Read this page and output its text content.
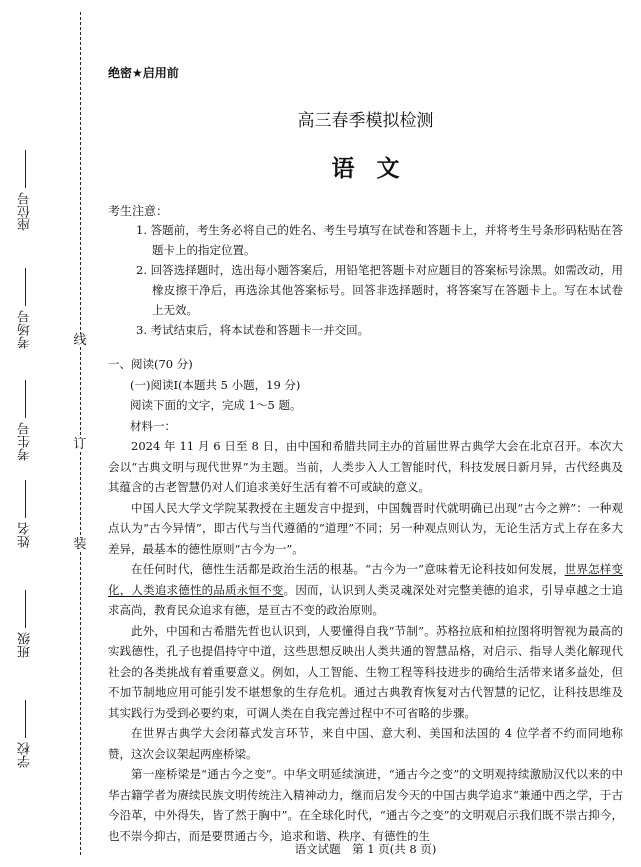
学校
班级
姓名
考生号
考场号
座位号
装
订
线
绝密★启用前
高三春季模拟检测
语文
考生注意：
1. 答题前，考生务必将自己的姓名、考生号填写在试卷和答题卡上，并将考生号条形码粘贴在答题卡上的指定位置。
2. 回答选择题时，选出每小题答案后，用铅笔把答题卡对应题目的答案标号涂黑。如需改动，用橡皮擦干净后，再选涂其他答案标号。回答非选择题时，将答案写在答题卡上。写在本试卷上无效。
3. 考试结束后，将本试卷和答题卡一并交回。

一、阅读(70 分)

(一)阅读Ⅰ(本题共 5 小题，19 分)

阅读下面的文字，完成 1～5 题。

材料一：

2024 年 11 月 6 日至 8 日，由中国和希腊共同主办的首届世界古典学大会在北京召开。本次大会以“古典文明与现代世界”为主题。当前，人类步入人工智能时代，科技发展日新月异，古代经典及其蕴含的古老智慧仍对人们追求美好生活有着不可或缺的意义。

中国人民大学文学院某教授在主题发言中提到，中国魏晋时代就明确已出现“古今之辨”：一种观点认为“古今异情”，即古代与当代遵循的“道理”不同；另一种观点则认为，无论生活方式上存在多大差异，最基本的德性原则“古今为一”。

在任何时代，德性生活都是政治生活的根基。“古今为一”意味着无论科技如何发展，世界怎样变化，人类追求德性的品质永恒不变。因而，认识到人类灵魂深处对完整美德的追求，引导卓越之士追求高尚，教育民众追求有德，是亘古不变的政治原则。

此外，中国和古希腊先哲也认识到，人要懂得自我“节制”。苏格拉底和柏拉图将明智视为最高的实践德性，孔子也提倡持守中道，这些思想反映出人类共通的智慧品格，对启示、指导人类化解现代社会的各类挑战有着重要意义。例如，人工智能、生物工程等科技进步的确给生活带来诸多益处，但不加节制地应用可能引发不堪想象的生存危机。通过古典教育恢复对古代智慧的记忆，让科技思维及其实践行为受到必要约束，可调人类在自我完善过程中不可省略的步骤。

在世界古典学大会闭幕式发言环节，来自中国、意大利、美国和法国的 4 位学者不约而同地称赞，这次会议架起两座桥梁。

第一座桥梁是“通古今之变”。中华文明延续演进，“通古今之变”的文明观持续激励汉代以来的中华古籍学者为赓续民族文明传统注入精神动力，继而启发今天的中国古典学追求“兼通中西之学，于古今沿革，中外得失，皆了然于胸中”。在全球化时代，“通古今之变”的文明观启示我们既不崇古抑今，也不崇今抑古，而是要贯通古今，追求和谐、秩序、有德性的生

语文试题　第 1 页(共 8 页)
